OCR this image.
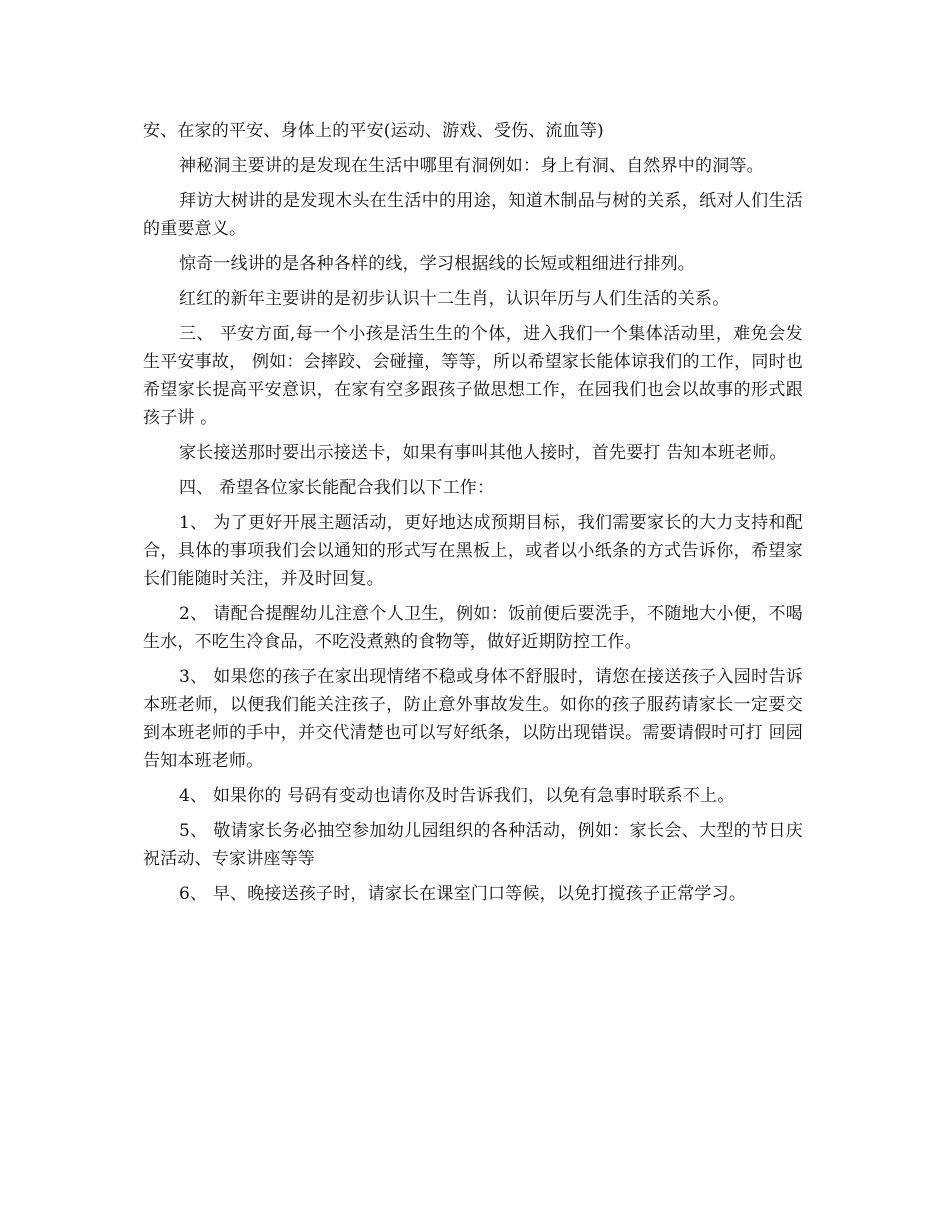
安、在家的平安、身体上的平安(运动、游戏、受伤、流血等)

神秘洞主要讲的是发现在生活中哪里有洞例如：身上有洞、自然界中的洞等。

拜访大树讲的是发现木头在生活中的用途，知道木制品与树的关系，纸对人们生活的重要意义。

惊奇一线讲的是各种各样的线，学习根据线的长短或粗细进行排列。

红红的新年主要讲的是初步认识十二生肖，认识年历与人们生活的关系。

三、 平安方面,每一个小孩是活生生的个体，进入我们一个集体活动里，难免会发生平安事故， 例如：会摔跤、会碰撞，等等，所以希望家长能体谅我们的工作，同时也希望家长提高平安意识，在家有空多跟孩子做思想工作，在园我们也会以故事的形式跟孩子讲 。

家长接送那时要出示接送卡，如果有事叫其他人接时，首先要打 告知本班老师。

四、 希望各位家长能配合我们以下工作：

1、 为了更好开展主题活动，更好地达成预期目标，我们需要家长的大力支持和配合，具体的事项我们会以通知的形式写在黑板上，或者以小纸条的方式告诉你，希望家长们能随时关注，并及时回复。

2、 请配合提醒幼儿注意个人卫生，例如：饭前便后要洗手，不随地大小便，不喝生水，不吃生冷食品，不吃没煮熟的食物等，做好近期防控工作。

3、 如果您的孩子在家出现情绪不稳或身体不舒服时，请您在接送孩子入园时告诉本班老师，以便我们能关注孩子，防止意外事故发生。如你的孩子服药请家长一定要交到本班老师的手中，并交代清楚也可以写好纸条，以防出现错误。需要请假时可打 回园告知本班老师。

4、 如果你的 号码有变动也请你及时告诉我们，以免有急事时联系不上。

5、 敬请家长务必抽空参加幼儿园组织的各种活动，例如：家长会、大型的节日庆祝活动、专家讲座等等

6、 早、晚接送孩子时，请家长在课室门口等候，以免打搅孩子正常学习。
